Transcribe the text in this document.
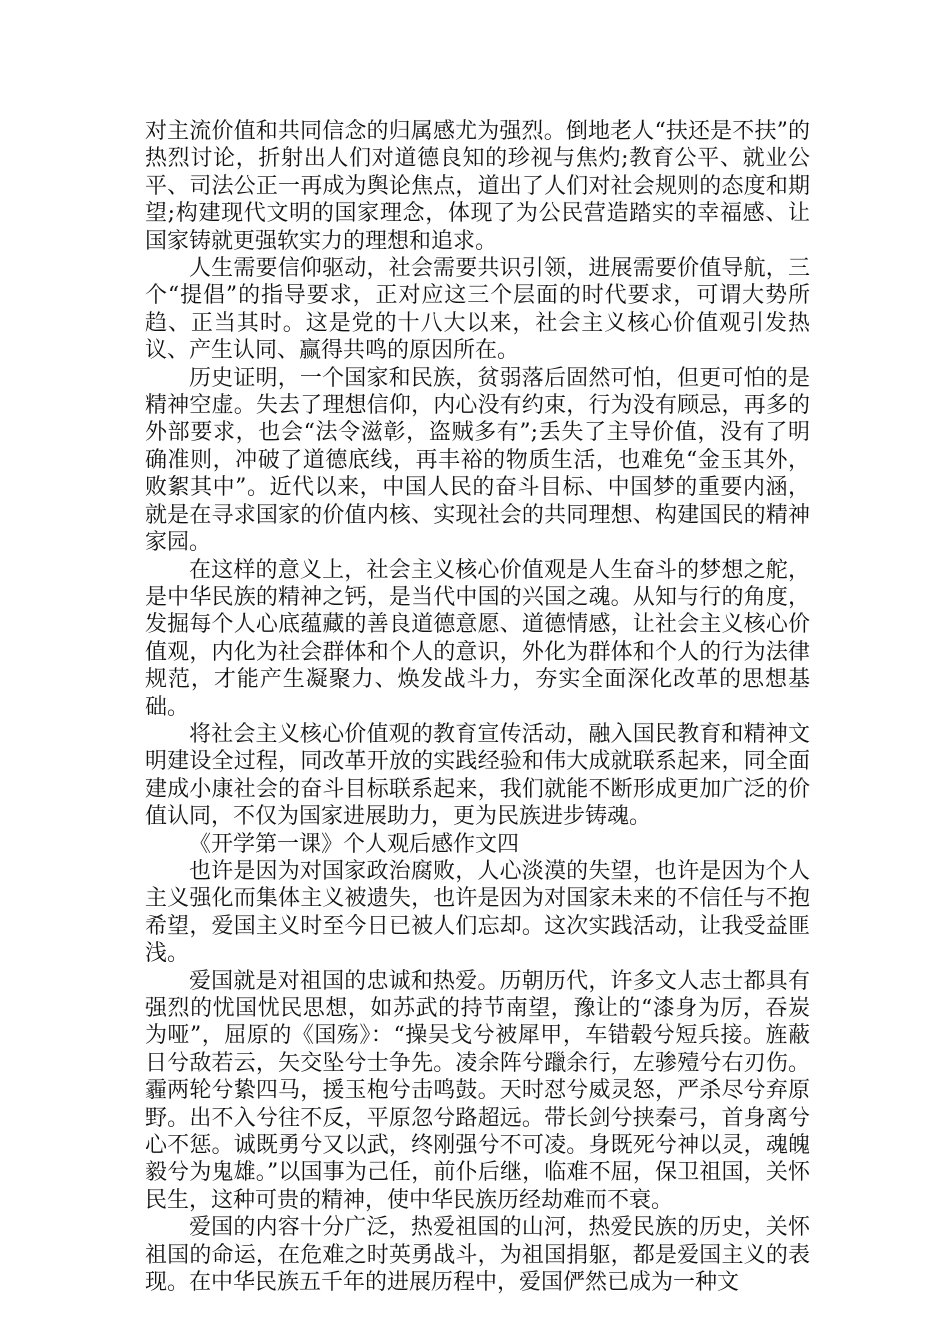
对主流价值和共同信念的归属感尤为强烈。倒地老人“扶还是不扶”的热烈讨论，折射出人们对道德良知的珍视与焦灼;教育公平、就业公平、司法公正一再成为舆论焦点，道出了人们对社会规则的态度和期望;构建现代文明的国家理念，体现了为公民营造踏实的幸福感、让国家铸就更强软实力的理想和追求。

人生需要信仰驱动，社会需要共识引领，进展需要价值导航，三个“提倡”的指导要求，正对应这三个层面的时代要求，可谓大势所趋、正当其时。这是党的十八大以来，社会主义核心价值观引发热议、产生认同、赢得共鸣的原因所在。

历史证明，一个国家和民族，贫弱落后固然可怕，但更可怕的是精神空虚。失去了理想信仰，内心没有约束，行为没有顾忌，再多的外部要求，也会“法令滋彰，盗贼多有”;丢失了主导价值，没有了明确准则，冲破了道德底线，再丰裕的物质生活，也难免“金玉其外，败絮其中”。近代以来，中国人民的奋斗目标、中国梦的重要内涵，就是在寻求国家的价值内核、实现社会的共同理想、构建国民的精神家园。

在这样的意义上，社会主义核心价值观是人生奋斗的梦想之舵，是中华民族的精神之钙，是当代中国的兴国之魂。从知与行的角度，发掘每个人心底蕴藏的善良道德意愿、道德情感，让社会主义核心价值观，内化为社会群体和个人的意识，外化为群体和个人的行为法律规范，才能产生凝聚力、焕发战斗力，夯实全面深化改革的思想基础。

将社会主义核心价值观的教育宣传活动，融入国民教育和精神文明建设全过程，同改革开放的实践经验和伟大成就联系起来，同全面建成小康社会的奋斗目标联系起来，我们就能不断形成更加广泛的价值认同，不仅为国家进展助力，更为民族进步铸魂。

《开学第一课》个人观后感作文四

也许是因为对国家政治腐败，人心淡漠的失望，也许是因为个人主义强化而集体主义被遗失，也许是因为对国家未来的不信任与不抱希望，爱国主义时至今日已被人们忘却。这次实践活动，让我受益匪浅。

爱国就是对祖国的忠诚和热爱。历朝历代，许多文人志士都具有强烈的忧国忧民思想，如苏武的持节南望，豫让的“漆身为厉，吞炭为哑”，屈原的《国殇》：“操吴戈兮被犀甲，车错毂兮短兵接。旌蔽日兮敌若云，矢交坠兮士争先。凌余阵兮躐余行，左骖殪兮右刃伤。霾两轮兮絷四马，援玉枹兮击鸣鼓。天时怼兮威灵怒，严杀尽兮弃原野。出不入兮往不反，平原忽兮路超远。带长剑兮挟秦弓，首身离兮心不惩。诚既勇兮又以武，终刚强兮不可凌。身既死兮神以灵，魂魄毅兮为鬼雄。”以国事为己任，前仆后继，临难不屈，保卫祖国，关怀民生，这种可贵的精神，使中华民族历经劫难而不衰。

爱国的内容十分广泛，热爱祖国的山河，热爱民族的历史，关怀祖国的命运，在危难之时英勇战斗，为祖国捐躯，都是爱国主义的表现。在中华民族五千年的进展历程中，爱国俨然已成为一种文
